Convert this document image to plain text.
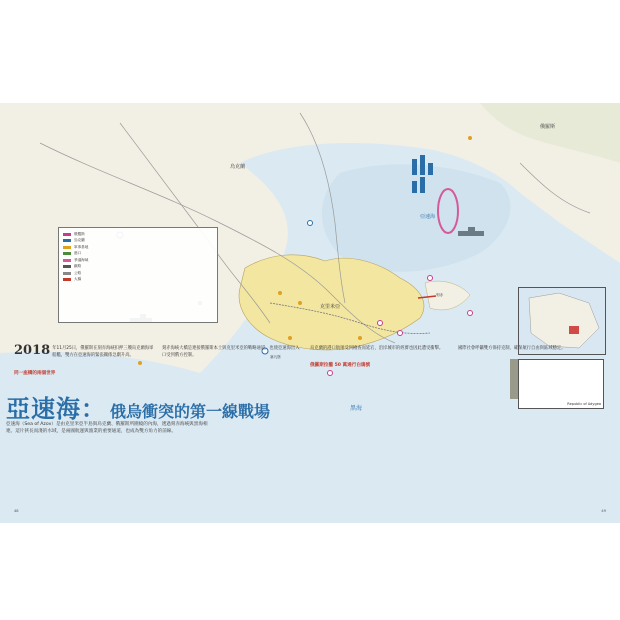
俄羅斯
烏克蘭
軍事基地
港口
爭議海域
鐵路
公路
大橋
Republic of Adygea
亞速海
黑海
刻赤
塞凡堡
克里米亞
烏克蘭
俄羅斯
亞速海： 俄烏衝突的第一線戰場
亞速海（Sea of Azov）是由克里米亞半島與烏克蘭、俄羅斯所圍繞的內海，透過刻赤海峽與黑海相連。這片狹長而淺的水域，是兩國航運與漁業的重要通道，也成為雙方角力的前線。
2018 年11月25日，俄羅斯在刻赤海峽扣押三艘烏克蘭海軍船艦，雙方在亞速海的緊張關係急劇升高。
同一座橋的兩個世界
刻赤海峽大橋是連接俄羅斯本土與克里米亞的戰略通道，也使亞速海出入口受到俄方控制。
烏克蘭的港口航運受到檢查而延宕，沿岸城市的經濟也因此遭受衝擊。
俄羅斯拉攏 50 萬通行白鴿號
國際社會呼籲雙方保持克制，確保航行自由與區域穩定。
48	49
